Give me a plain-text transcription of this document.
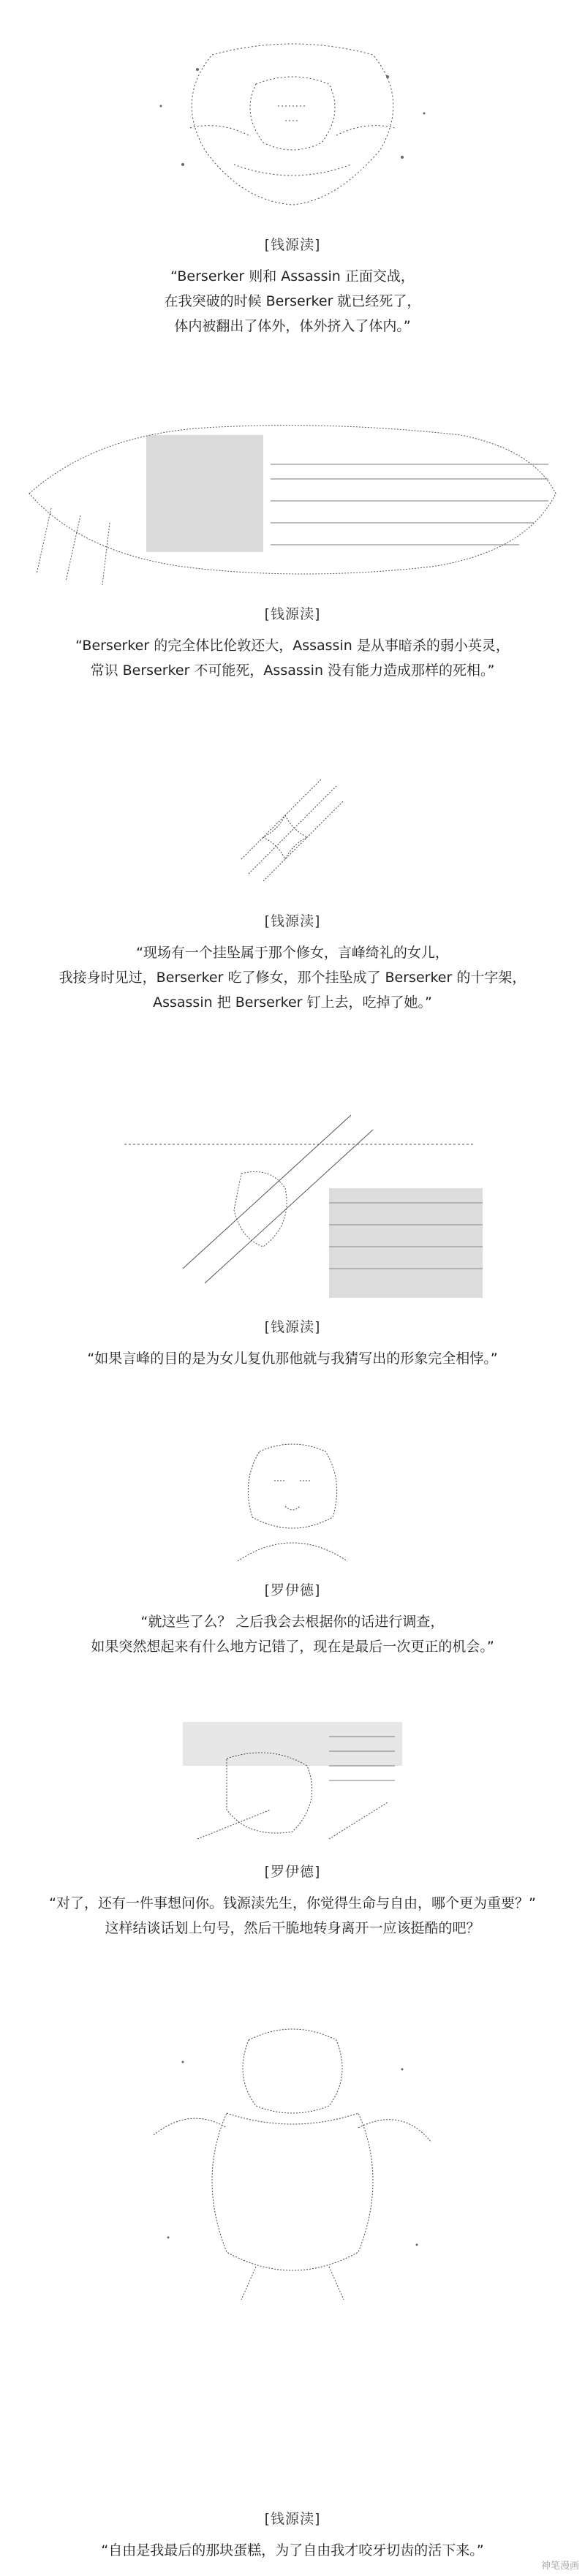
[钱源渎]
“Berserker 则和 Assassin 正面交战，
在我突破的时候 Berserker 就已经死了，
体内被翻出了体外，体外挤入了体内。”
[钱源渎]
“Berserker 的完全体比伦敦还大，Assassin 是从事暗杀的弱小英灵，
常识 Berserker 不可能死，Assassin 没有能力造成那样的死相。”
[钱源渎]
“现场有一个挂坠属于那个修女，言峰绮礼的女儿，
我接身时见过，Berserker 吃了修女，那个挂坠成了 Berserker 的十字架，
Assassin 把 Berserker 钉上去，吃掉了她。”
[钱源渎]
“如果言峰的目的是为女儿复仇那他就与我猜写出的形象完全相悖。”
[罗伊德]
“就这些了么？ 之后我会去根据你的话进行调查，
如果突然想起来有什么地方记错了，现在是最后一次更正的机会。”
[罗伊德]
“对了，还有一件事想问你。钱源渎先生，你觉得生命与自由，哪个更为重要？”
这样结谈话划上句号，然后干脆地转身离开一应该挺酷的吧？
[钱源渎]
“自由是我最后的那块蛋糕，为了自由我才咬牙切齿的活下来。”
神笔漫画
